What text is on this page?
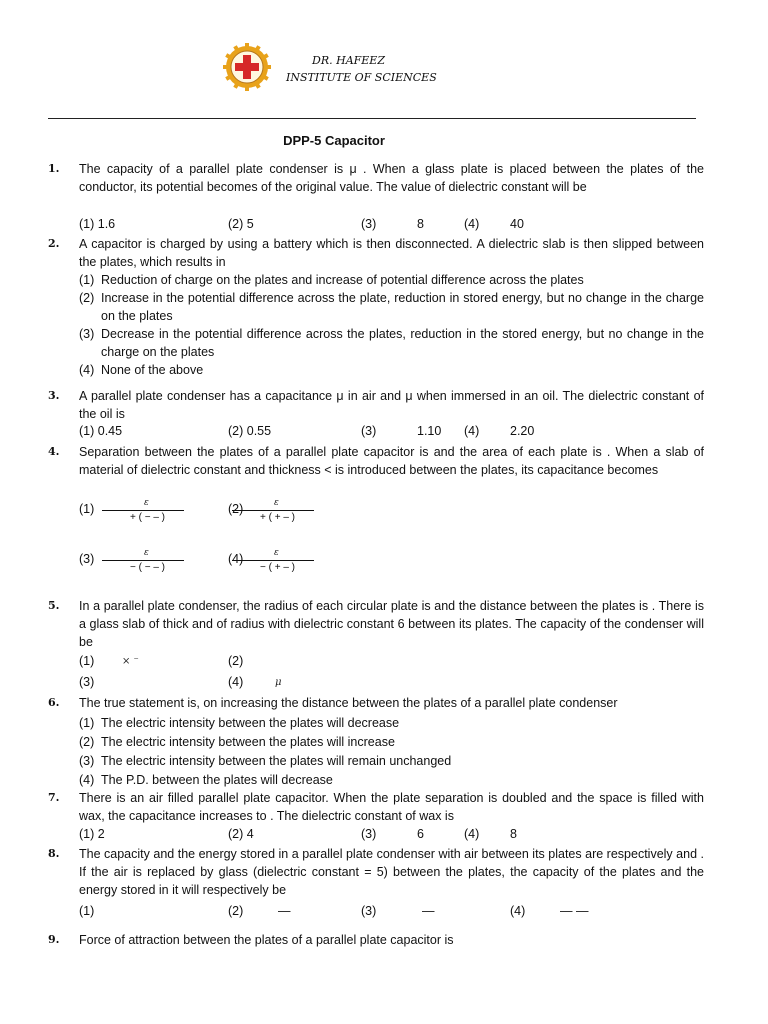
DR. HAFEEZ
INSTITUTE OF SCIENCES
DPP-5 Capacitor
1. The capacity of a parallel plate condenser is μ . When a glass plate is placed between the plates of the conductor, its potential becomes of the original value. The value of dielectric constant will be
(1) 1.6	(2) 5	(3)	8	(4) 40
2. A capacitor is charged by using a battery which is then disconnected. A dielectric slab is then slipped between the plates, which results in
(1) Reduction of charge on the plates and increase of potential difference across the plates
(2) Increase in the potential difference across the plate, reduction in stored energy, but no change in the charge on the plates
(3) Decrease in the potential difference across the plates, reduction in the stored energy, but no change in the charge on the plates
(4) None of the above
3. A parallel plate condenser has a capacitance μ in air and μ when immersed in an oil. The dielectric constant of the oil is
(1) 0.45	(2) 0.55	(3)	1.10 (4) 2.20
4. Separation between the plates of a parallel plate capacitor is and the area of each plate is . When a slab of material of dielectric constant and thickness < is introduced between the plates, its capacitance becomes
(1)	ε
+ ( − ‒ )
(2)	ε
+ ( + ‒ )
(3)	ε
− ( − ‒ )
(4)	ε
− ( + ‒ )
5. In a parallel plate condenser, the radius of each circular plate is and the distance between the plates is . There is a glass slab of thick and of radius with dielectric constant 6 between its plates. The capacity of the condenser will be
(1)	× ⁻	(2)
(3)	(4)	μ
6. The true statement is, on increasing the distance between the plates of a parallel plate condenser
(1) The electric intensity between the plates will decrease
(2) The electric intensity between the plates will increase
(3) The electric intensity between the plates will remain unchanged
(4) The P.D. between the plates will decrease
7. There is an air filled parallel plate capacitor. When the plate separation is doubled and the space is filled with wax, the capacitance increases to . The dielectric constant of wax is
(1) 2	(2) 4	(3)	6	(4) 8
8. The capacity and the energy stored in a parallel plate condenser with air between its plates are respectively and . If the air is replaced by glass (dielectric constant = 5) between the plates, the capacity of the plates and the energy stored in it will respectively be
(1)	(2)	—	(3)	—	(4)	— —
9. Force of attraction between the plates of a parallel plate capacitor is
